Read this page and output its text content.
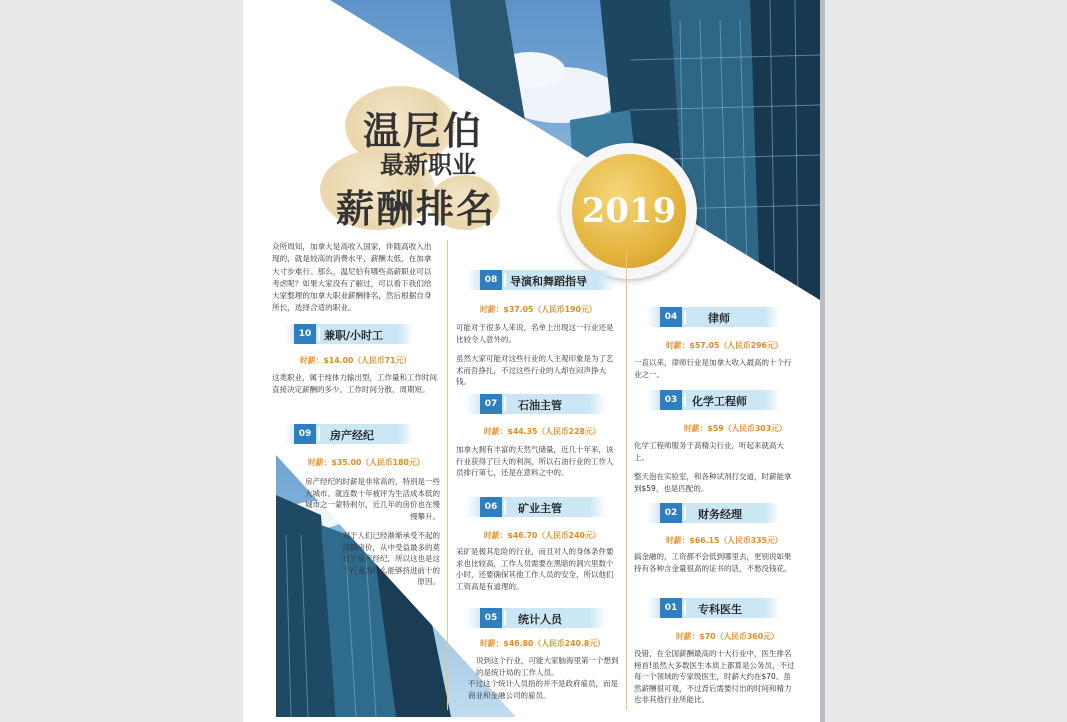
温尼伯
最新职业
薪酬排名	2019
众所周知，加拿大是高收入国家，伴随高收入出现的，就是较高的消费水平，薪酬太低，在加拿大寸步难行。那么，温尼伯有哪些高薪职业可以考虑呢？如果大家没有了解过，可以看下我们给大家整理的加拿大职业薪酬排名，然后根据自身所长，选择合适的职业。
10 兼职/小时工
时薪：$14.00（人民币71元）

这类职业，属于纯体力输出型，工作量和工作时间直接决定薪酬的多少。工作时间分散、周期短。

09 房产经纪
时薪：$35.00（人民币180元）

房产经纪的时薪是非常高的，特别是一些大城市。就连数十年被评为生活成本低的城市之一蒙特利尔，近几年的房价也在慢慢攀升。

对于人们已经渐渐承受不起的高额房价，从中受益最多的莫过于房产经纪，所以这也是这个行业为什么能够挤进前十的原因。

08 导演和舞蹈指导
时薪：$37.05（人民币190元）

可能对于很多人来说，名单上出现这一行业还是比较令人意外的。

虽然大家可能对这些行业的人主观印象是为了艺术而吾挣扎，不过这些行业的人却在闷声挣大钱。

07 石油主管
时薪：$44.35（人民币228元）

加拿大拥有丰富的天然气储量，近几十年来，该行业获得了巨大的利润，所以石油行业的工作人员排行第七，还是在意料之中的。

06 矿业主管
时薪：$46.70（人民币240元）

采矿是极其危险的行业，而且对人的身体条件要求也比较高，工作人员需要在黑暗的洞穴里数个小时，还要确保其他工作人员的安全，所以他们工资高是有道理的。

05 统计人员
时薪：$46.80（人民币240.8元）

说到这个行业，可能大家脑海里第一个想到的是统计局的工作人员。

不过这个统计人员指的并不是政府雇员，而是商业和金融公司的雇员。

04	律师
时薪：$57.05（人民币296元）

一直以来，律师行业是加拿大收入最高的十个行业之一。

03 化学工程师
时薪：$59（人民币303元）

化学工程师服务于高精尖行业，听起来就高大上。

整天泡在实验室，和各种试剂打交道，时薪能拿到$59，也是匹配的。

02 财务经理
时薪：$66.15（人民币335元）

搞金融的，工资都不会低到哪里去，更别说如果持有各种含金量很高的证书的话，不愁没钱花。

01 专科医生
时薪：$70（人民币360元）

没错，在全国薪酬最高的十大行业中，医生排名榜首!虽然大多数医生本质上都算是公务员，不过每一个领域的专家级医生，时薪大约在$70。虽然薪酬很可观，不过背后需要付出的时间和精力也非其他行业所能比。
